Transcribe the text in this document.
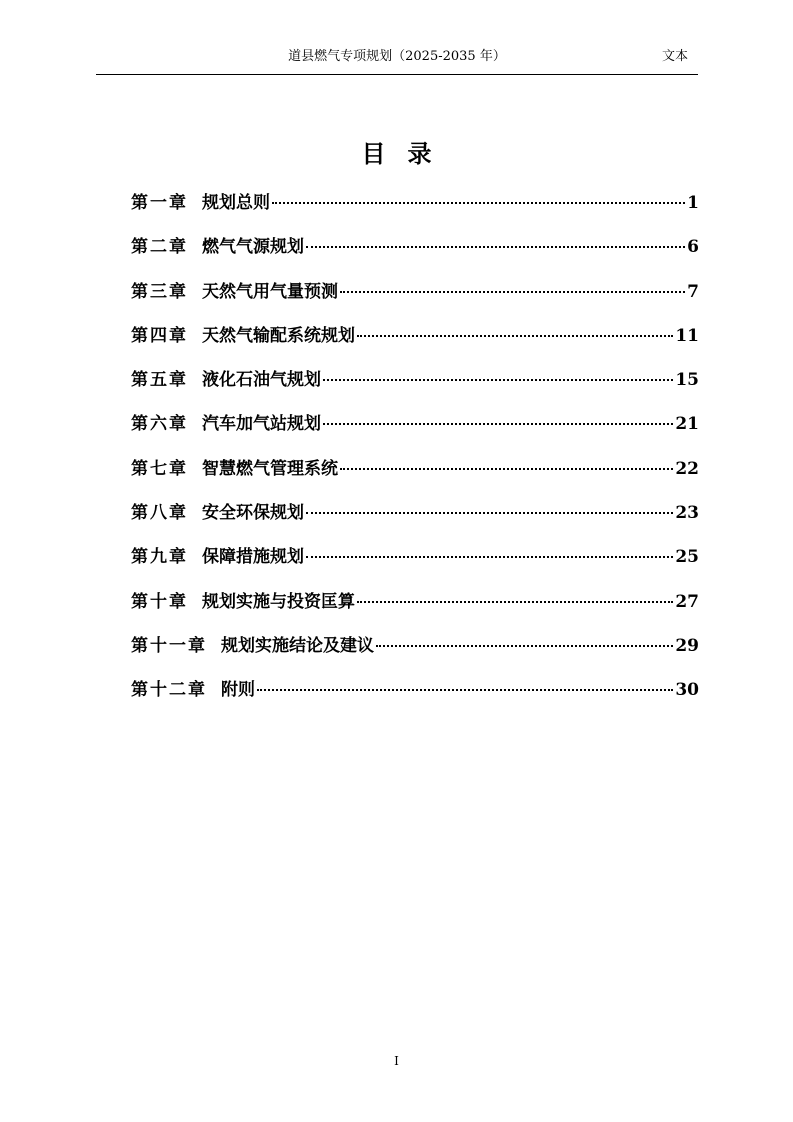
道县燃气专项规划（2025-2035 年）	文本
目录
第一章 规划总则	1
第二章 燃气气源规划	6
第三章 天然气用气量预测	7
第四章 天然气输配系统规划	11
第五章 液化石油气规划	15
第六章 汽车加气站规划	21
第七章 智慧燃气管理系统	22
第八章 安全环保规划	23
第九章 保障措施规划	25
第十章 规划实施与投资匡算	27
第十一章 规划实施结论及建议	29
第十二章 附则	30
I
